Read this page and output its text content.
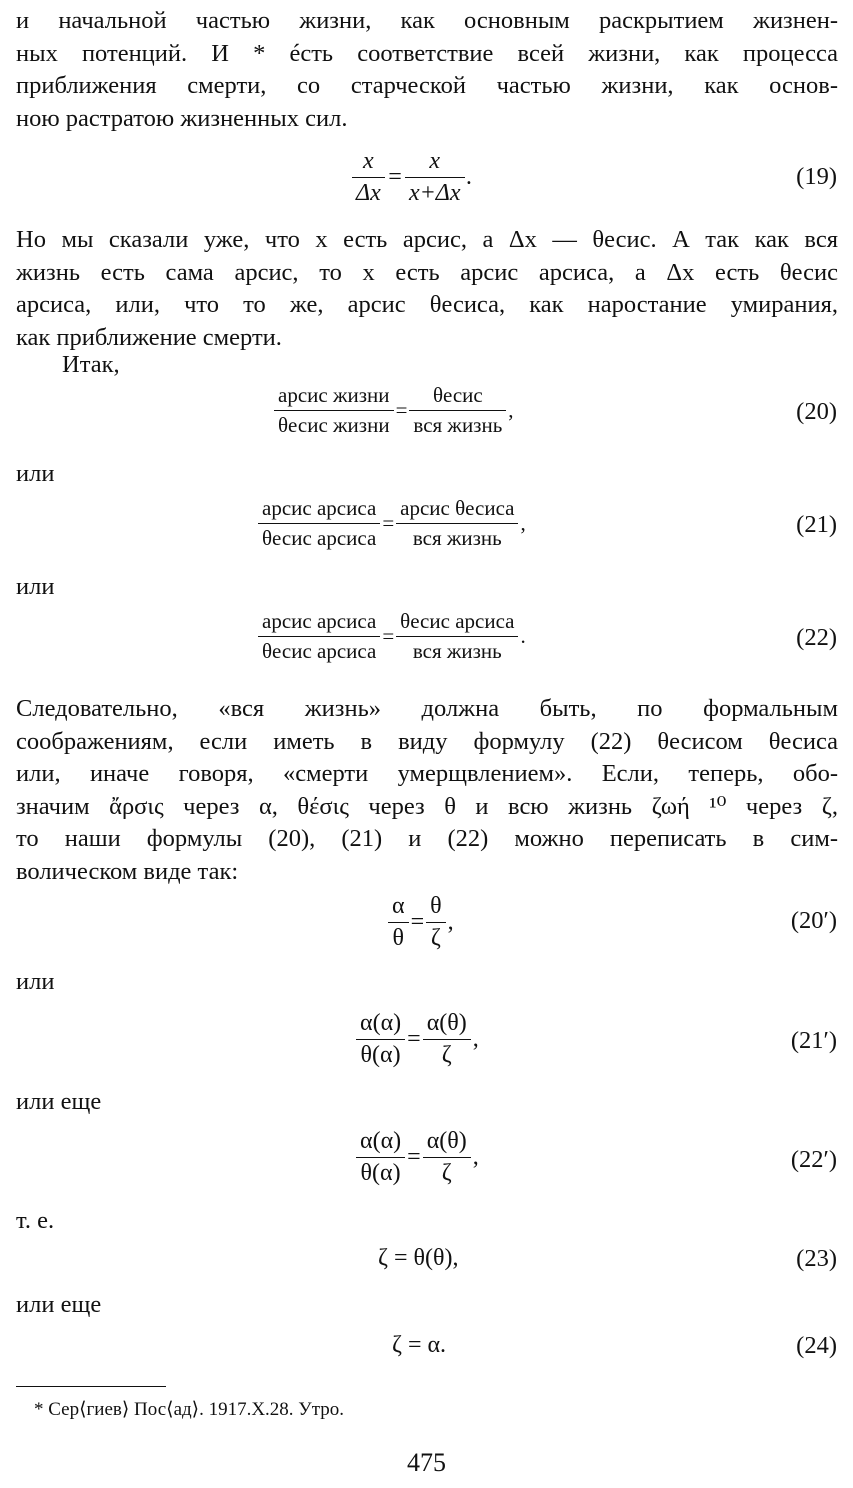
и начальной частью жизни, как основным раскрытием жизнен-
ных потенций. И * éсть соответствие всей жизни, как процесса
приближения смерти, со старческой частью жизни, как основ-
ною растратою жизненных сил.
$\frac{x}{\Delta x} = \frac{x}{x+\Delta x}$ .	(19)
Но мы сказали уже, что x есть арсис, а Δx — θесис. А так как вся
жизнь есть сама арсис, то x есть арсис арсиса, а Δx есть θесис
арсиса, или, что то же, арсис θесиса, как наростание умирания,
как приближение смерти.
Итак,
$\frac{\text{арсис жизни}}{\text{θесис жизни}} = \frac{\text{θесис}}{\text{вся жизнь}}$ ,	(20)
или
$\frac{\text{арсис арсиса}}{\text{θесис арсиса}} = \frac{\text{арсис θесиса}}{\text{вся жизнь}}$ ,	(21)
или
$\frac{\text{арсис арсиса}}{\text{θесис арсиса}} = \frac{\text{θесис арсиса}}{\text{вся жизнь}}$ .	(22)
Следовательно, «вся жизнь» должна быть, по формальным
соображениям, если иметь в виду формулу (22) θесисом θесиса
или, иначе говоря, «смерти умерщвлением». Если, теперь, обо-
значим ἄρσις через α, θέσις через θ и всю жизнь ζωή ¹⁰ через ζ,
то наши формулы (20), (21) и (22) можно переписать в сим-
волическом виде так:
$\frac{\alpha}{\theta} = \frac{\theta}{\zeta}$ ,	(20′)
или
$\frac{\alpha(\alpha)}{\theta(\alpha)} = \frac{\alpha(\theta)}{\zeta}$ ,	(21′)
или еще
$\frac{\alpha(\alpha)}{\theta(\alpha)} = \frac{\alpha(\theta)}{\zeta}$ ,	(22′)
т. е.
ζ = θ(θ),	(23)
или еще
ζ = α.	(24)
* Сер⟨гиев⟩ Пос⟨ад⟩. 1917.X.28. Утро.
475
